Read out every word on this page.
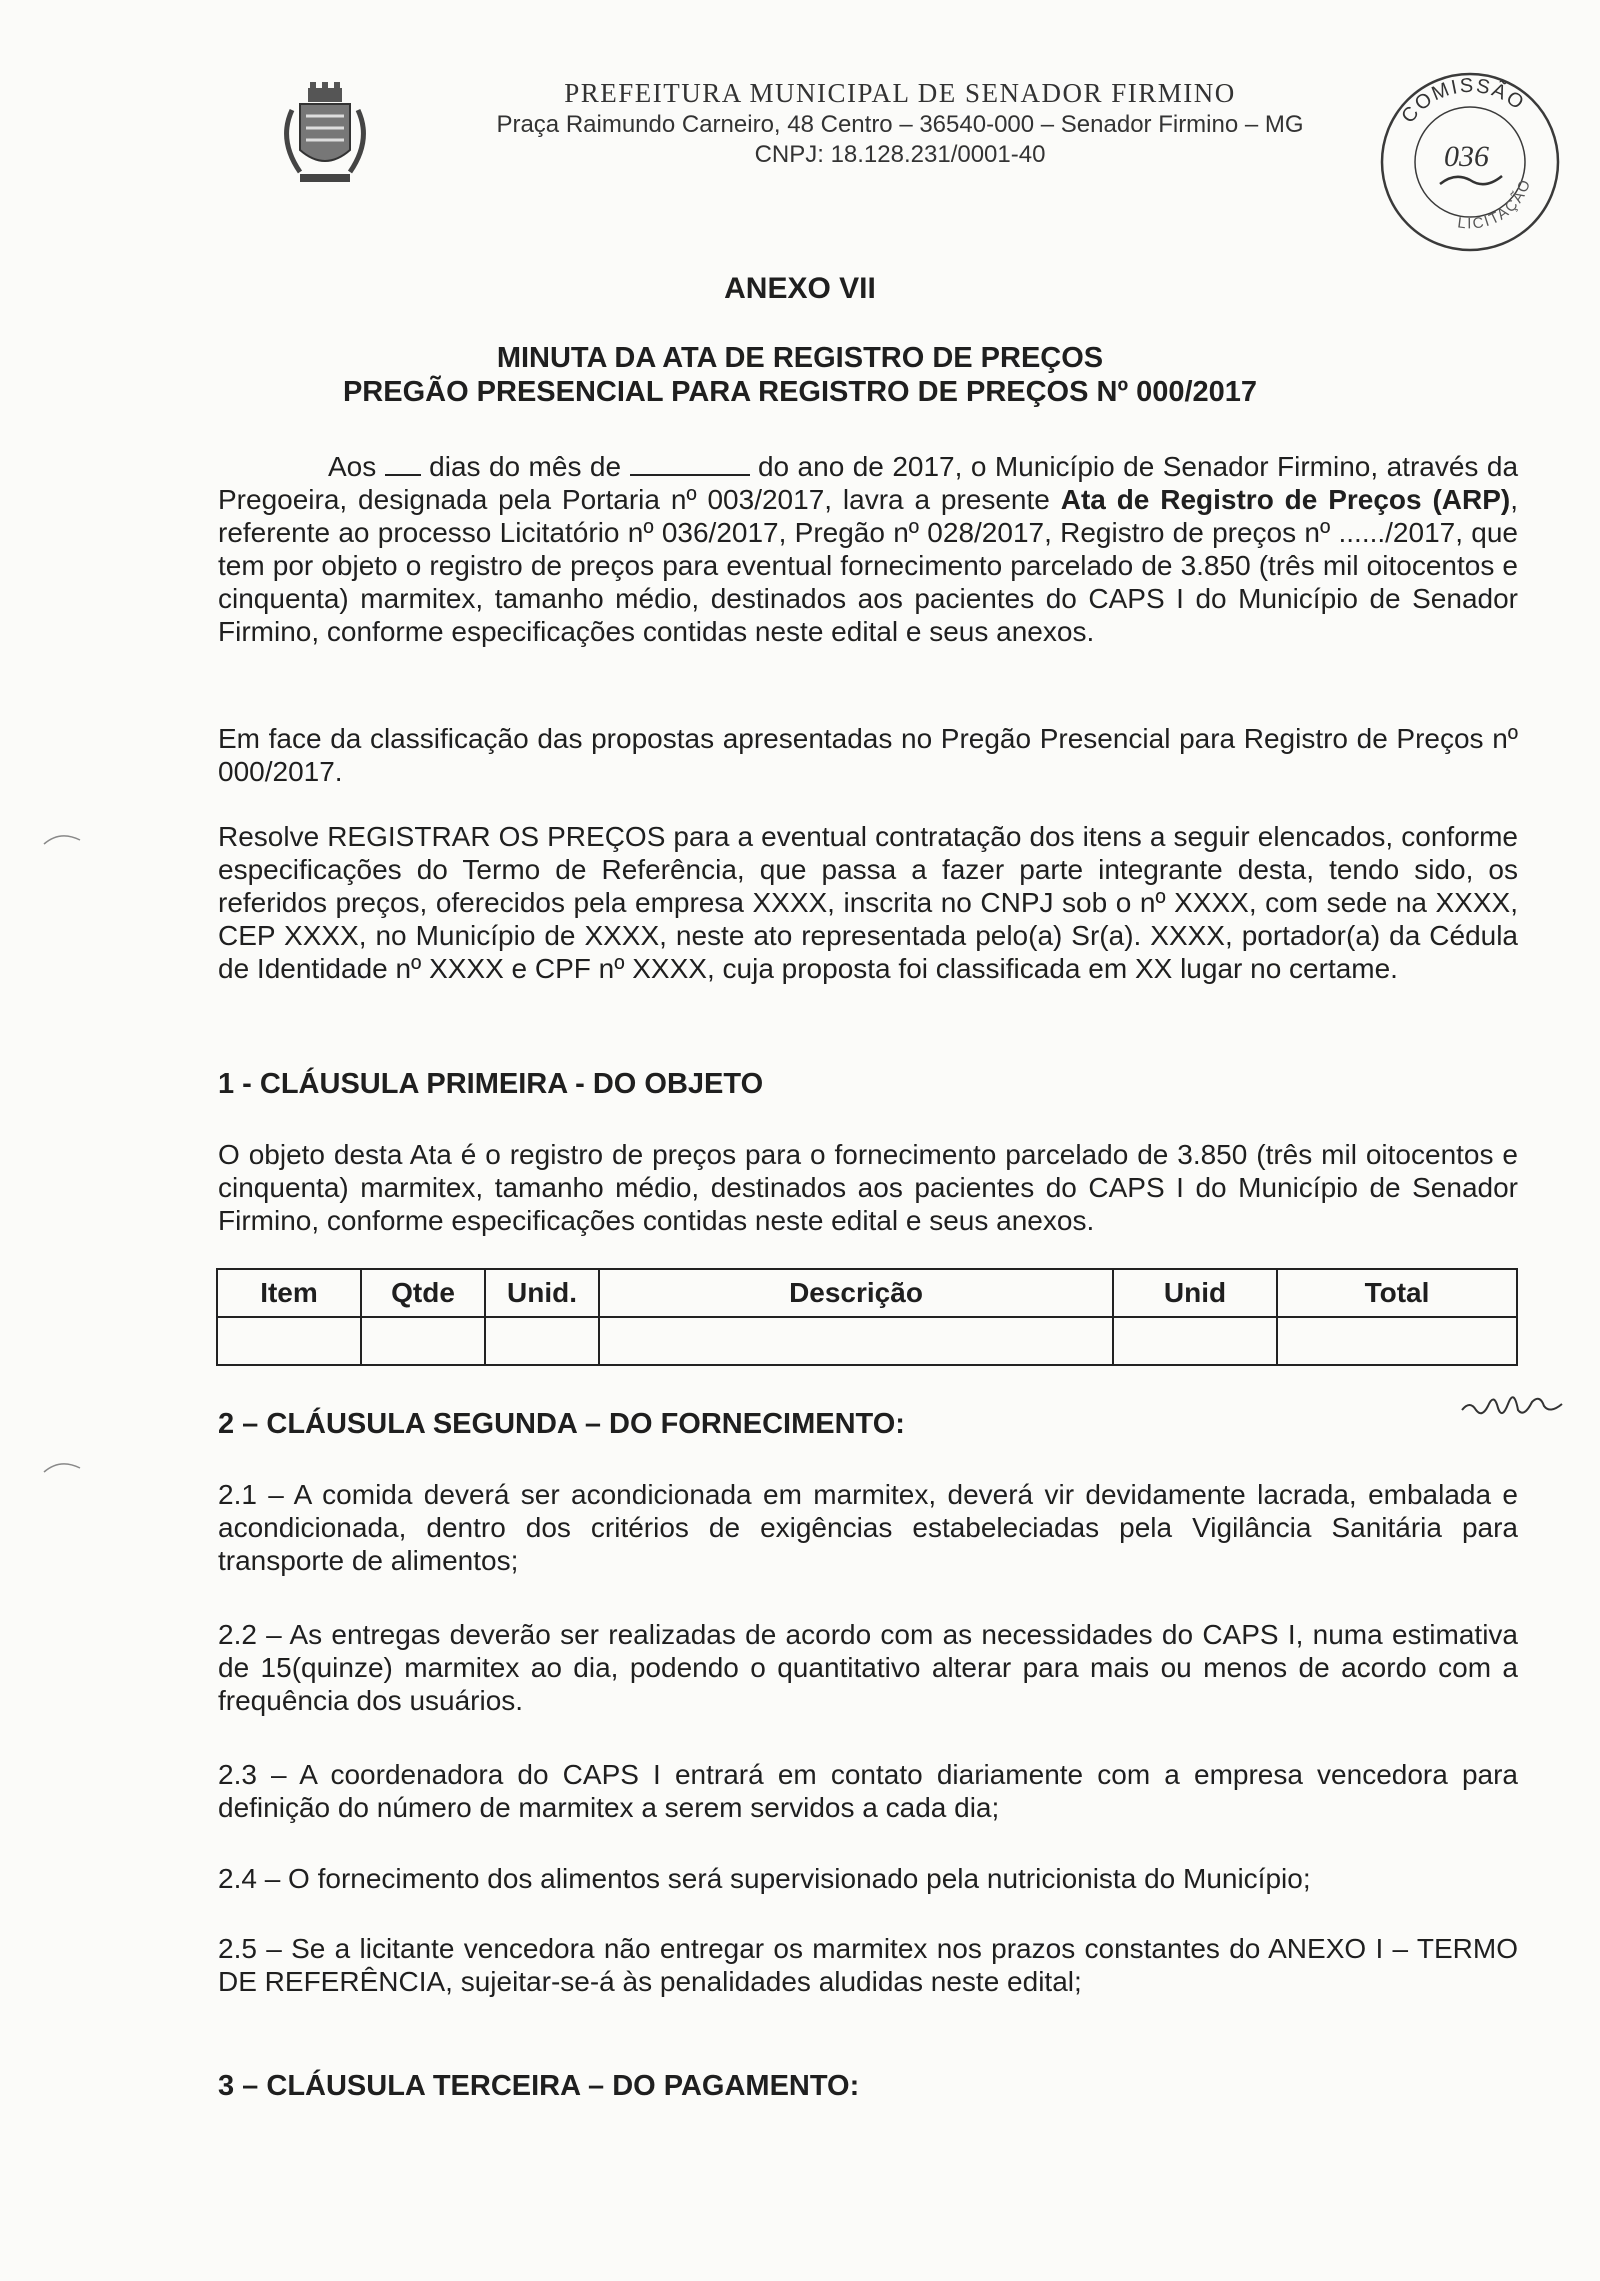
PREFEITURA MUNICIPAL DE SENADOR FIRMINO
Praça Raimundo Carneiro, 48 Centro – 36540-000 – Senador Firmino – MG
CNPJ: 18.128.231/0001-40
COMISSÃO
LICITAÇÃO
036
ANEXO VII
MINUTA DA ATA DE REGISTRO DE PREÇOS
PREGÃO PRESENCIAL PARA REGISTRO DE PREÇOS Nº 000/2017
Aos dias do mês de	do ano de 2017, o Município de Senador Firmino, através da Pregoeira, designada pela Portaria nº 003/2017, lavra a presente Ata de Registro de Preços (ARP), referente ao processo Licitatório nº 036/2017, Pregão nº 028/2017, Registro de preços nº ....../2017, que tem por objeto o registro de preços para eventual fornecimento parcelado de 3.850 (três mil oitocentos e cinquenta) marmitex, tamanho médio, destinados aos pacientes do CAPS I do Município de Senador Firmino, conforme especificações contidas neste edital e seus anexos.
Em face da classificação das propostas apresentadas no Pregão Presencial para Registro de Preços nº 000/2017.
Resolve REGISTRAR OS PREÇOS para a eventual contratação dos itens a seguir elencados, conforme especificações do Termo de Referência, que passa a fazer parte integrante desta, tendo sido, os referidos preços, oferecidos pela empresa XXXX, inscrita no CNPJ sob o nº XXXX, com sede na XXXX, CEP XXXX, no Município de XXXX, neste ato representada pelo(a) Sr(a). XXXX, portador(a) da Cédula de Identidade nº XXXX e CPF nº XXXX, cuja proposta foi classificada em XX lugar no certame.
1 - CLÁUSULA PRIMEIRA - DO OBJETO
O objeto desta Ata é o registro de preços para o fornecimento parcelado de 3.850 (três mil oitocentos e cinquenta) marmitex, tamanho médio, destinados aos pacientes do CAPS I do Município de Senador Firmino, conforme especificações contidas neste edital e seus anexos.
Item	Qtde	Unid.	Descrição	Unid	Total

2 – CLÁUSULA SEGUNDA – DO FORNECIMENTO:
2.1 – A comida deverá ser acondicionada em marmitex, deverá vir devidamente lacrada, embalada e acondicionada, dentro dos critérios de exigências estabeleciadas pela Vigilância Sanitária para transporte de alimentos;
2.2 – As entregas deverão ser realizadas de acordo com as necessidades do CAPS I, numa estimativa de 15(quinze) marmitex ao dia, podendo o quantitativo alterar para mais ou menos de acordo com a frequência dos usuários.
2.3 – A coordenadora do CAPS I entrará em contato diariamente com a empresa vencedora para definição do número de marmitex a serem servidos a cada dia;
2.4 – O fornecimento dos alimentos será supervisionado pela nutricionista do Município;
2.5 – Se a licitante vencedora não entregar os marmitex nos prazos constantes do ANEXO I – TERMO DE REFERÊNCIA, sujeitar-se-á às penalidades aludidas neste edital;
3 – CLÁUSULA TERCEIRA – DO PAGAMENTO:
